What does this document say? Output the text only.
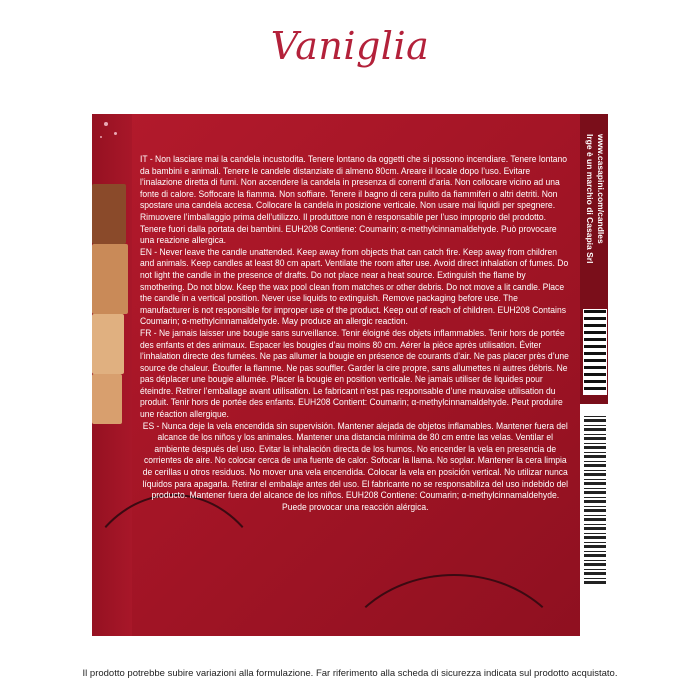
Vaniglia
www.casapini.com/candles
Irge è un marchio di Casapia Srl

IT - Non lasciare mai la candela incustodita. Tenere lontano da oggetti che si possono incendiare. Tenere lontano da bambini e animali. Tenere le candele distanziate di almeno 80cm. Areare il locale dopo l’uso. Evitare l’inalazione diretta di fumi. Non accendere la candela in presenza di correnti d’aria. Non collocare vicino ad una fonte di calore. Soffocare la fiamma. Non soffiare. Tenere il bagno di cera pulito da fiammiferi o altri detriti. Non spostare una candela accesa. Collocare la candela in posizione verticale. Non usare mai liquidi per spegnere. Rimuovere l’imballaggio prima dell’utilizzo. Il produttore non è responsabile per l’uso improprio del prodotto. Tenere fuori dalla portata dei bambini. EUH208 Contiene: Coumarin; α-methylcinnamaldehyde. Può provocare una reazione allergica.

EN - Never leave the candle unattended. Keep away from objects that can catch fire. Keep away from children and animals. Keep candles at least 80 cm apart. Ventilate the room after use. Avoid direct inhalation of fumes. Do not light the candle in the presence of drafts. Do not place near a heat source. Extinguish the flame by smothering. Do not blow. Keep the wax pool clean from matches or other debris. Do not move a lit candle. Place the candle in a vertical position. Never use liquids to extinguish. Remove packaging before use. The manufacturer is not responsible for improper use of the product. Keep out of reach of children. EUH208 Contains Coumarin; α-methylcinnamaldehyde. May produce an allergic reaction.

FR - Ne jamais laisser une bougie sans surveillance. Tenir éloigné des objets inflammables. Tenir hors de portée des enfants et des animaux. Espacer les bougies d’au moins 80 cm. Aérer la pièce après utilisation. Éviter l’inhalation directe des fumées. Ne pas allumer la bougie en présence de courants d’air. Ne pas placer près d’une source de chaleur. Étouffer la flamme. Ne pas souffler. Garder la cire propre, sans allumettes ni autres débris. Ne pas déplacer une bougie allumée. Placer la bougie en position verticale. Ne jamais utiliser de liquides pour éteindre. Retirer l’emballage avant utilisation. Le fabricant n’est pas responsable d’une mauvaise utilisation du produit. Tenir hors de portée des enfants. EUH208 Contient: Coumarin; α-methylcinnamaldehyde. Peut produire une réaction allergique.

ES - Nunca deje la vela encendida sin supervisión. Mantener alejada de objetos inflamables. Mantener fuera del alcance de los niños y los animales. Mantener una distancia mínima de 80 cm entre las velas. Ventilar el ambiente después del uso. Evitar la inhalación directa de los humos. No encender la vela en presencia de corrientes de aire. No colocar cerca de una fuente de calor. Sofocar la llama. No soplar. Mantener la cera limpia de cerillas u otros residuos. No mover una vela encendida. Colocar la vela en posición vertical. No utilizar nunca líquidos para apagarla. Retirar el embalaje antes del uso. El fabricante no se responsabiliza del uso indebido del producto. Mantener fuera del alcance de los niños. EUH208 Contiene: Coumarin; α-methylcinnamaldehyde. Puede provocar una reacción alérgica.

Il prodotto potrebbe subire variazioni alla formulazione. Far riferimento alla scheda di sicurezza indicata sul prodotto acquistato.
